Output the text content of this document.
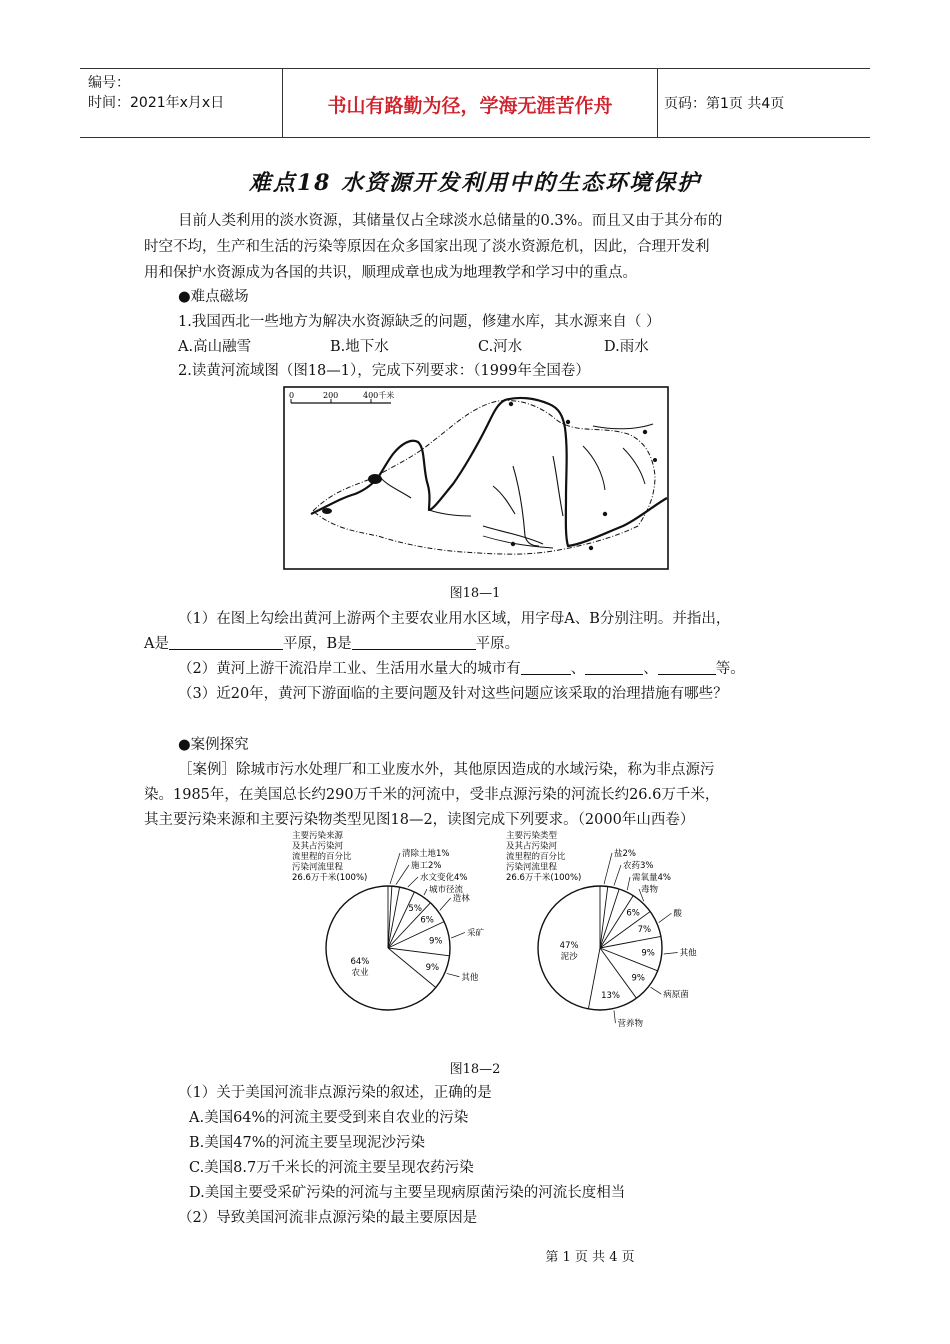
编号：
时间：2021年x月x日	书山有路勤为径，学海无涯苦作舟	页码：第1页 共4页
难点18 水资源开发利用中的生态环境保护
目前人类利用的淡水资源，其储量仅占全球淡水总储量的0.3%。而且又由于其分布的
时空不均，生产和生活的污染等原因在众多国家出现了淡水资源危机，因此，合理开发利
用和保护水资源成为各国的共识，顺理成章也成为地理教学和学习中的重点。
●难点磁场
1.我国西北一些地方为解决水资源缺乏的问题，修建水库，其水源来自（ ）
A.高山融雪	B.地下水	C.河水	D.雨水
2.读黄河流域图（图18—1），完成下列要求：（1999年全国卷）
0	200	400千米
图18—1
（1）在图上勾绘出黄河上游两个主要农业用水区域，用字母A、B分别注明。并指出，
A是	平原，B是	平原。
（2）黄河上游干流沿岸工业、生活用水量大的城市有	、	、	等。
（3）近20年，黄河下游面临的主要问题及针对这些问题应该采取的治理措施有哪些？
●案例探究
［案例］除城市污水处理厂和工业废水外，其他原因造成的水域污染，称为非点源污
染。1985年，在美国总长约290万千米的河流中，受非点源污染的河流长约26.6万千米，
其主要污染来源和主要污染物类型见图18—2，读图完成下列要求。（2000年山西卷）
主要污染来源
及其占污染河
流里程的百分比
污染河流里程
26.6万千米(100%)
清除土地1%
施工2%
水文变化4%
5%
城市径流
6%
造林
9%
采矿
9%
其他
64%
农业
主要污染类型
及其占污染河
流里程的百分比
污染河流里程
26.6万千米(100%)
盐2%
农药3%
需氧量4%
6%
毒物
7%
酸
9%	其他
9%
病原菌
13%
营养物
47%
泥沙
图18—2
（1）关于美国河流非点源污染的叙述，正确的是
A.美国64%的河流主要受到来自农业的污染
B.美国47%的河流主要呈现泥沙污染
C.美国8.7万千米长的河流主要呈现农药污染
D.美国主要受采矿污染的河流与主要呈现病原菌污染的河流长度相当
（2）导致美国河流非点源污染的最主要原因是
第 1 页 共 4 页
